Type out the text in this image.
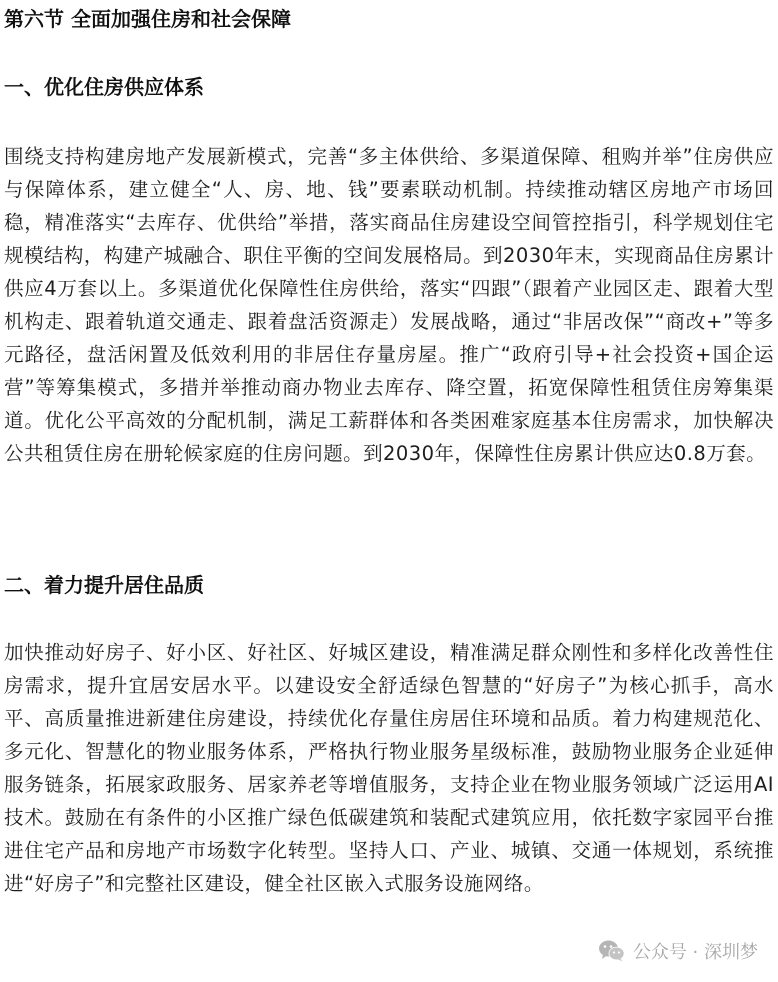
第六节 全面加强住房和社会保障
一、优化住房供应体系

围绕支持构建房地产发展新模式，完善“多主体供给、多渠道保障、租购并举”住房供应与保障体系，建立健全“人、房、地、钱”要素联动机制。持续推动辖区房地产市场回稳，精准落实“去库存、优供给”举措，落实商品住房建设空间管控指引，科学规划住宅规模结构，构建产城融合、职住平衡的空间发展格局。到2030年末，实现商品住房累计供应4万套以上。多渠道优化保障性住房供给，落实“四跟”（跟着产业园区走、跟着大型机构走、跟着轨道交通走、跟着盘活资源走）发展战略，通过“非居改保”“商改+”等多元路径，盘活闲置及低效利用的非居住存量房屋。推广“政府引导+社会投资+国企运营”等筹集模式，多措并举推动商办物业去库存、降空置，拓宽保障性租赁住房筹集渠道。优化公平高效的分配机制，满足工薪群体和各类困难家庭基本住房需求，加快解决公共租赁住房在册轮候家庭的住房问题。到2030年，保障性住房累计供应达0.8万套。

二、着力提升居住品质

加快推动好房子、好小区、好社区、好城区建设，精准满足群众刚性和多样化改善性住房需求，提升宜居安居水平。以建设安全舒适绿色智慧的“好房子”为核心抓手，高水平、高质量推进新建住房建设，持续优化存量住房居住环境和品质。着力构建规范化、多元化、智慧化的物业服务体系，严格执行物业服务星级标准，鼓励物业服务企业延伸服务链条，拓展家政服务、居家养老等增值服务，支持企业在物业服务领域广泛运用AI技术。鼓励在有条件的小区推广绿色低碳建筑和装配式建筑应用，依托数字家园平台推进住宅产品和房地产市场数字化转型。坚持人口、产业、城镇、交通一体规划，系统推进“好房子”和完整社区建设，健全社区嵌入式服务设施网络。

公众号 · 深圳梦
